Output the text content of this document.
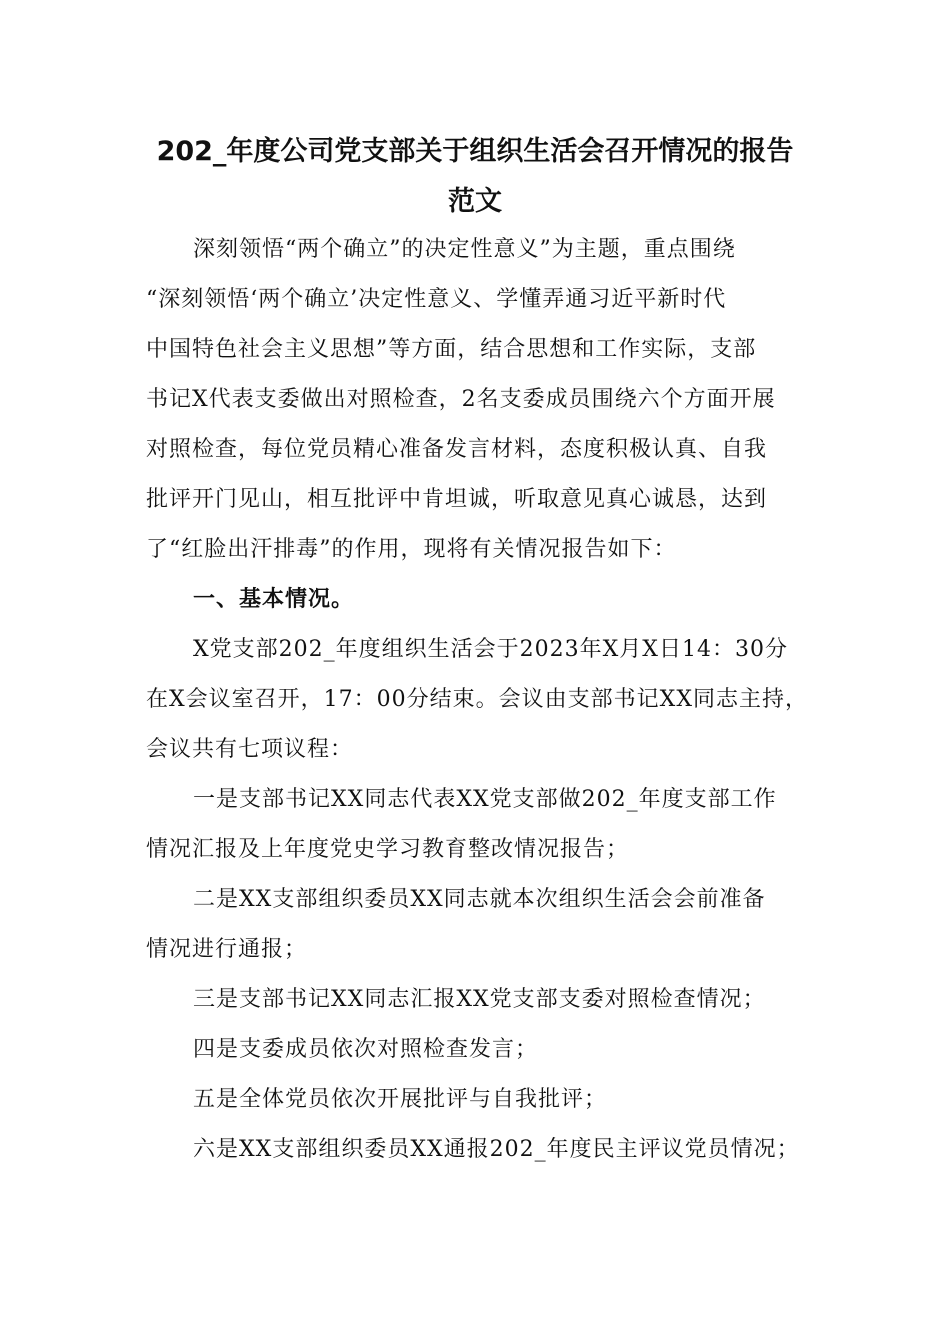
202_年度公司党支部关于组织生活会召开情况的报告
范文
深刻领悟“两个确立”的决定性意义”为主题，重点围绕
“深刻领悟‘两个确立’决定性意义、学懂弄通习近平新时代
中国特色社会主义思想”等方面，结合思想和工作实际，支部
书记X代表支委做出对照检查，2名支委成员围绕六个方面开展
对照检查，每位党员精心准备发言材料，态度积极认真、自我
批评开门见山，相互批评中肯坦诚，听取意见真心诚恳，达到
了“红脸出汗排毒”的作用，现将有关情况报告如下：
一、基本情况。
X党支部202_年度组织生活会于2023年X月X日14：30分
在X会议室召开，17：00分结束。会议由支部书记XX同志主持，
会议共有七项议程：
一是支部书记XX同志代表XX党支部做202_年度支部工作
情况汇报及上年度党史学习教育整改情况报告；
二是XX支部组织委员XX同志就本次组织生活会会前准备
情况进行通报；
三是支部书记XX同志汇报XX党支部支委对照检查情况；
四是支委成员依次对照检查发言；
五是全体党员依次开展批评与自我批评；
六是XX支部组织委员XX通报202_年度民主评议党员情况；
